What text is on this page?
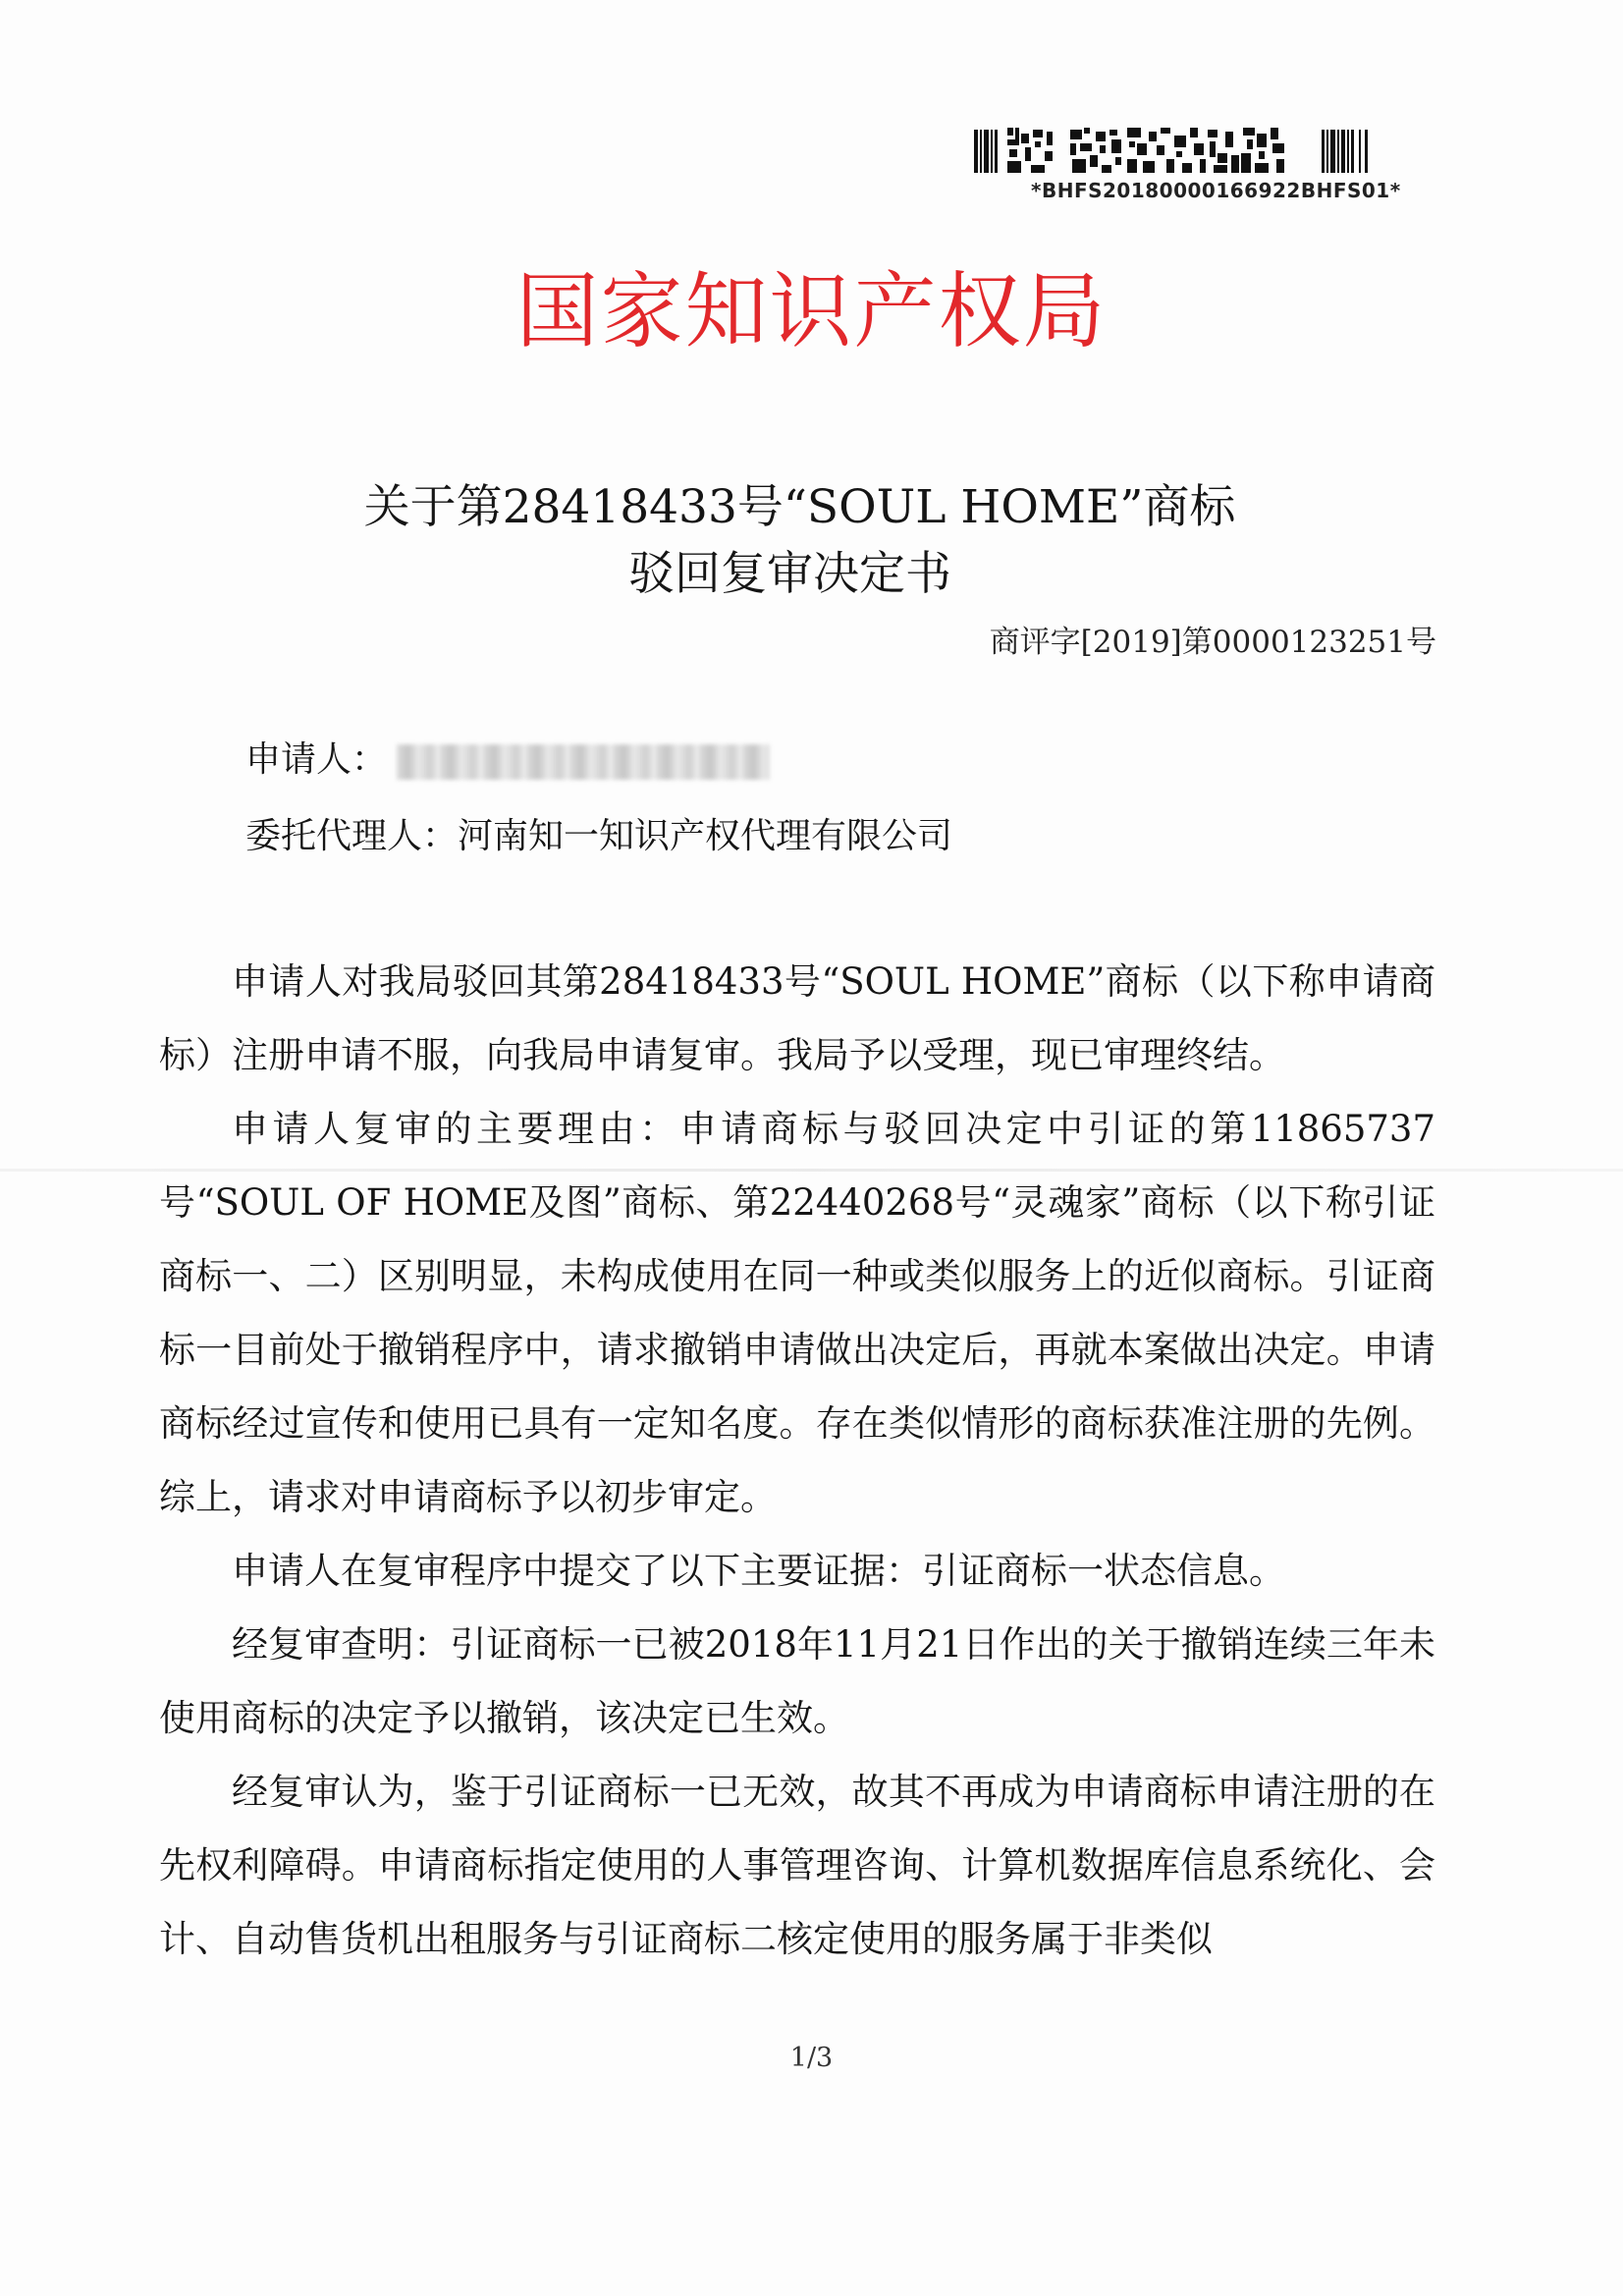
*BHFS20180000166922BHFS01*
国家知识产权局
关于第28418433号“SOUL HOME”商标
驳回复审决定书
商评字[2019]第0000123251号
申请人：
委托代理人：河南知一知识产权代理有限公司

申请人对我局驳回其第28418433号“SOUL HOME”商标（以下称申请商标）注册申请不服，向我局申请复审。我局予以受理，现已审理终结。

申请人复审的主要理由：申请商标与驳回决定中引证的第11865737号“SOUL OF HOME及图”商标、第22440268号“灵魂家”商标（以下称引证商标一、二）区别明显，未构成使用在同一种或类似服务上的近似商标。引证商标一目前处于撤销程序中，请求撤销申请做出决定后，再就本案做出决定。申请商标经过宣传和使用已具有一定知名度。存在类似情形的商标获准注册的先例。综上，请求对申请商标予以初步审定。

申请人在复审程序中提交了以下主要证据：引证商标一状态信息。

经复审查明：引证商标一已被2018年11月21日作出的关于撤销连续三年未使用商标的决定予以撤销，该决定已生效。

经复审认为，鉴于引证商标一已无效，故其不再成为申请商标申请注册的在先权利障碍。申请商标指定使用的人事管理咨询、计算机数据库信息系统化、会计、自动售货机出租服务与引证商标二核定使用的服务属于非类似

1/3
